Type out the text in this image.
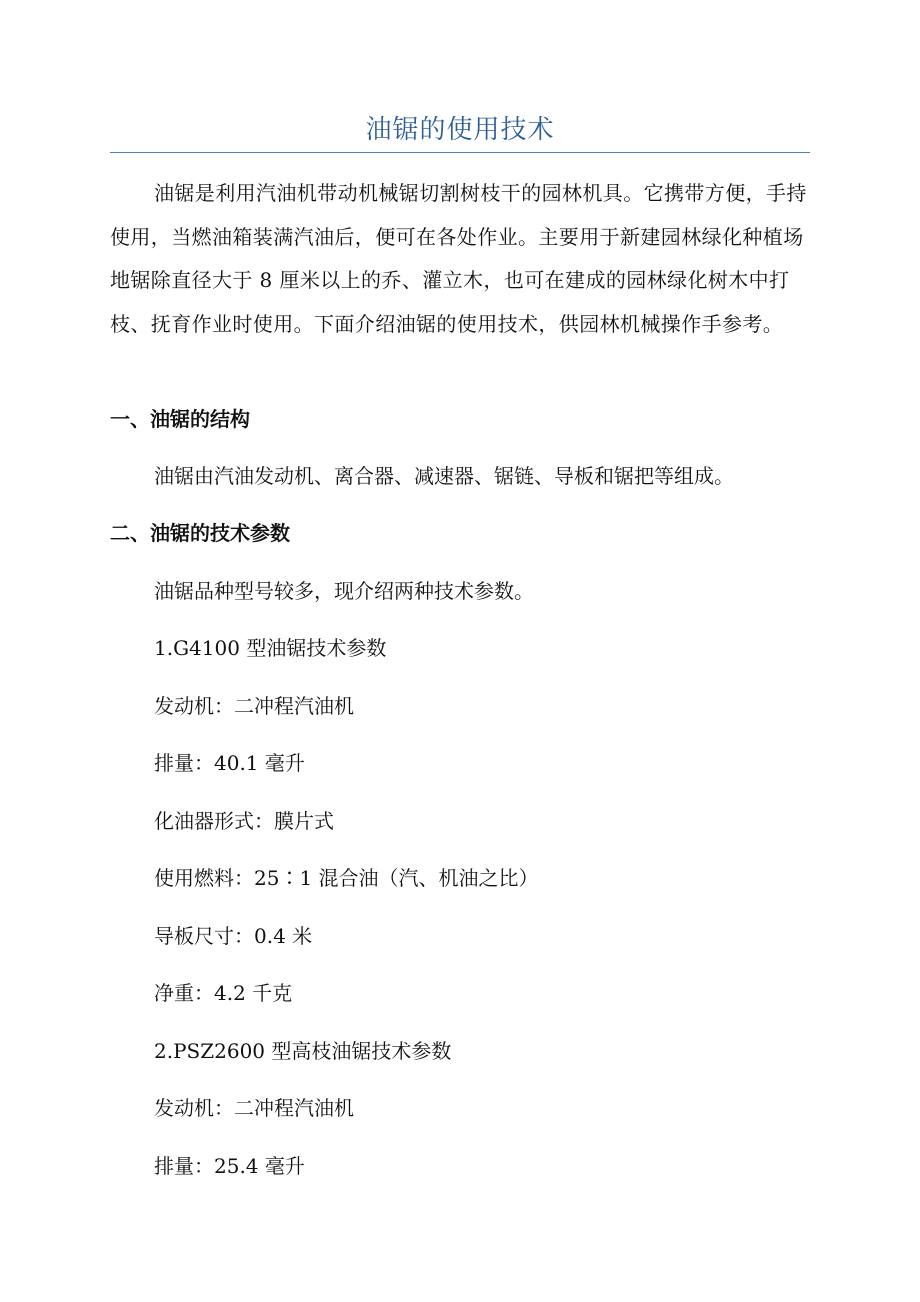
油锯的使用技术
油锯是利用汽油机带动机械锯切割树枝干的园林机具。它携带方便，手持使用，当燃油箱装满汽油后，便可在各处作业。主要用于新建园林绿化种植场地锯除直径大于 8 厘米以上的乔、灌立木，也可在建成的园林绿化树木中打枝、抚育作业时使用。下面介绍油锯的使用技术，供园林机械操作手参考。
一、油锯的结构
油锯由汽油发动机、离合器、减速器、锯链、导板和锯把等组成。
二、油锯的技术参数
油锯品种型号较多，现介绍两种技术参数。
1.G4100 型油锯技术参数
发动机：二冲程汽油机
排量：40.1 毫升
化油器形式：膜片式
使用燃料：25∶1 混合油（汽、机油之比）
导板尺寸：0.4 米
净重：4.2 千克
2.PSZ2600 型高枝油锯技术参数
发动机：二冲程汽油机
排量：25.4 毫升
